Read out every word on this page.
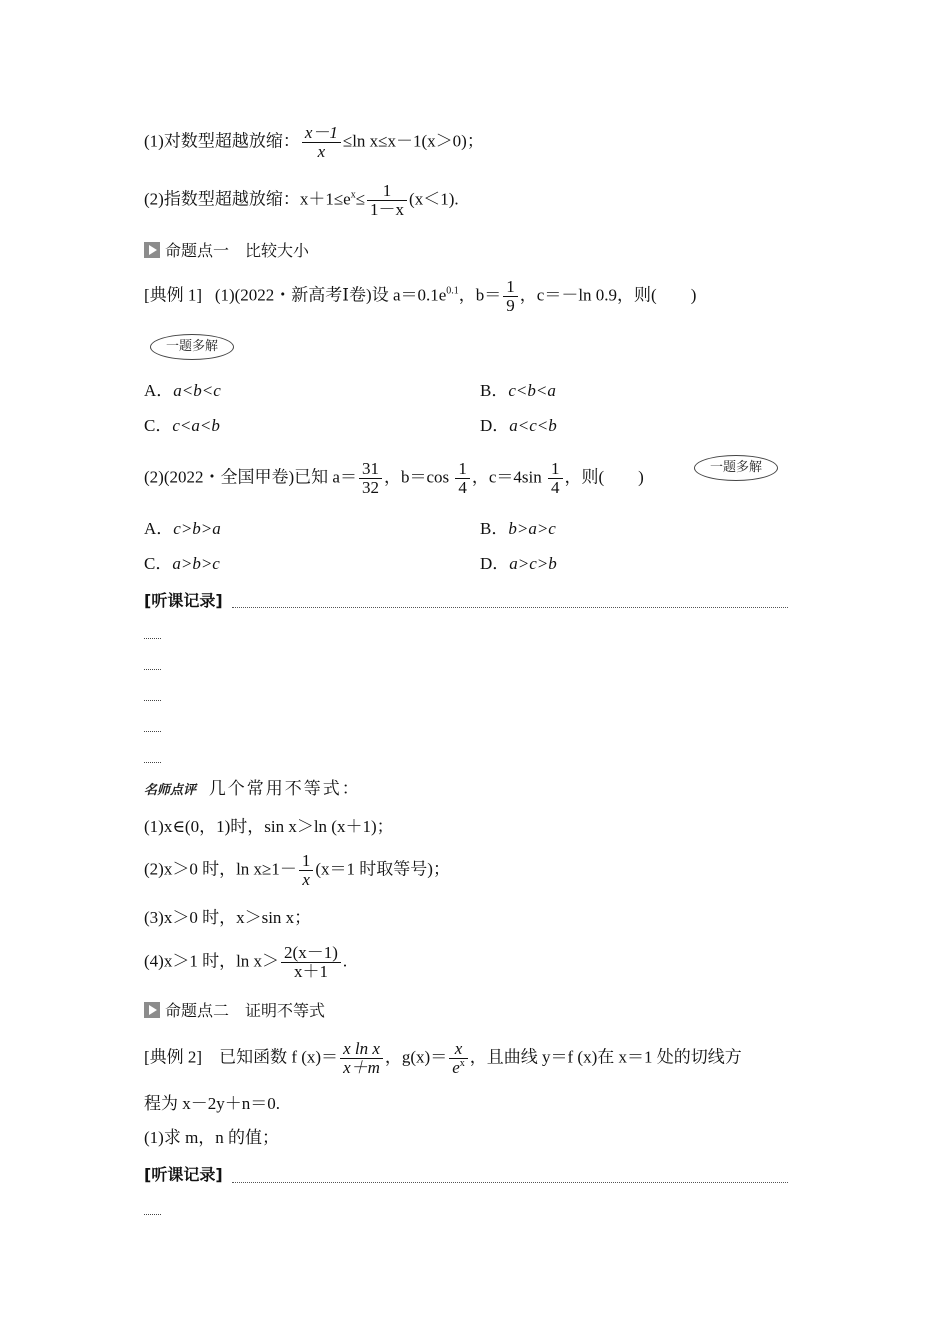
(1)对数型超越放缩： $\frac{x-1}{x} \le\ln$ x≤x－1(x＞0)；
(2)指数型超越放缩：$x+1\le e^x\le \frac{1}{1-x} (x<1)$.
命题点一　比较大小
[典例 1] (1)(2022・新高考Ⅰ卷)设 $a=0.1e^{0.1}$，$b= \frac{1}{9}$ ，c＝－ln 0.9，则(　　)
一题多解
A．a<b<c	B．c<b<a
C．c<a<b	D．a<c<b
(2)(2022・全国甲卷)已知 $a= \frac{31}{32}$ ，$b=\cos \frac{1}{4}$ ，$c=4\sin \frac{1}{4}$ ，则(　　)	一题多解
A．c>b>a	B．b>a>c
C．a>b>c	D．a>c>b
[听课记录]
名师点评 几个常用不等式：
(1)x∈(0，1)时，sin x＞ln (x＋1)；
(2)x＞0 时，$\ln x\ge 1- \frac{1}{x} (x=1$ 时取等号)；
(3)x＞0 时，x＞sin x；
(4)x＞1 时，$\ln x> \frac{2(x-1)}{x+1}$ .
命题点二　证明不等式
[典例 2] 已知函数 f $(x)= \frac{\text{x ln x}}{x+m}$ ，$g(x)= \frac{x}{e^x}$ ，且曲线 y＝f (x)在 x＝1 处的切线方
程为 x－2y＋n＝0.
(1)求 m，n 的值；
[听课记录]
